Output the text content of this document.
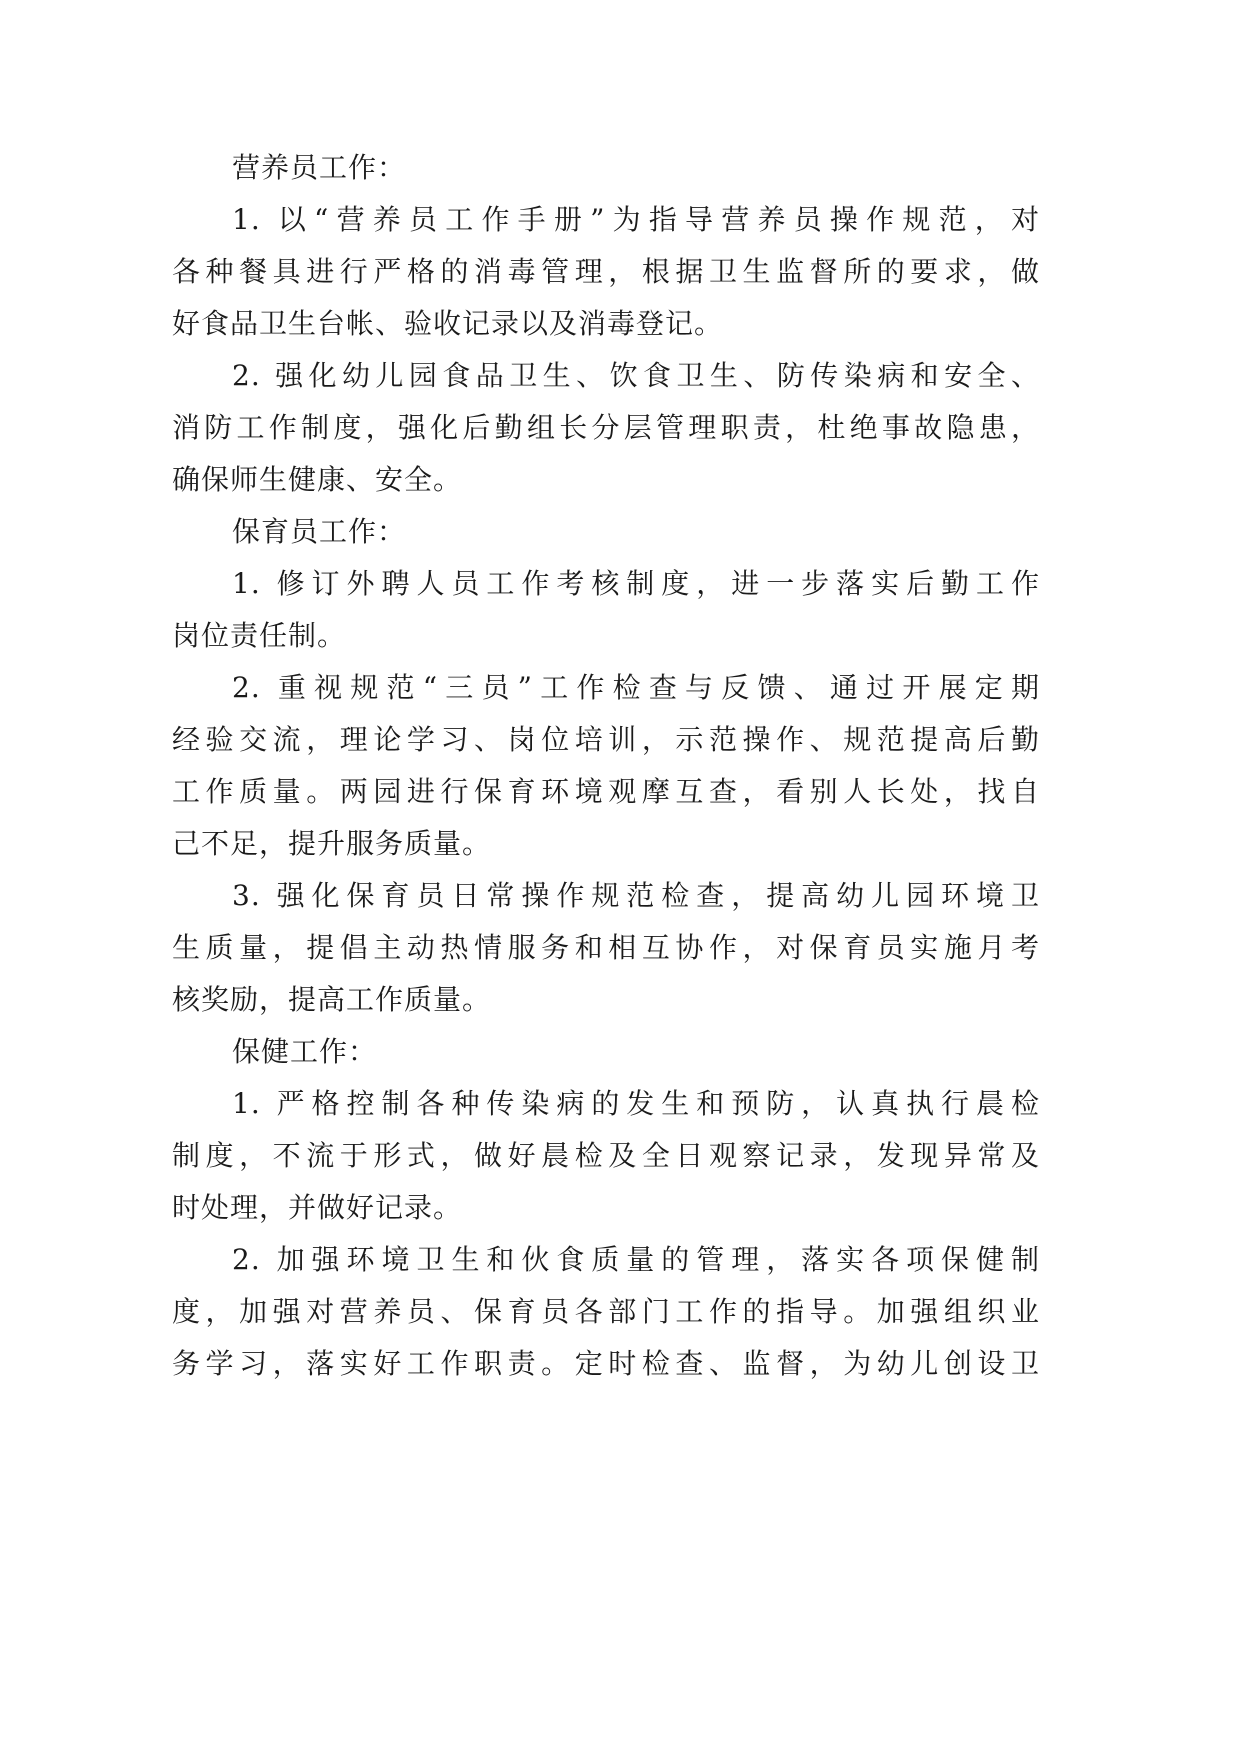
营养员工作：
1. 以“营养员工作手册”为指导营养员操作规范，对
各种餐具进行严格的消毒管理，根据卫生监督所的要求，做
好食品卫生台帐、验收记录以及消毒登记。
2. 强化幼儿园食品卫生、饮食卫生、防传染病和安全、
消防工作制度，强化后勤组长分层管理职责，杜绝事故隐患，
确保师生健康、安全。
保育员工作：
1. 修订外聘人员工作考核制度，进一步落实后勤工作
岗位责任制。
2. 重视规范“三员”工作检查与反馈、通过开展定期
经验交流，理论学习、岗位培训，示范操作、规范提高后勤
工作质量。两园进行保育环境观摩互查，看别人长处，找自
己不足，提升服务质量。
3. 强化保育员日常操作规范检查，提高幼儿园环境卫
生质量，提倡主动热情服务和相互协作，对保育员实施月考
核奖励，提高工作质量。
保健工作：
1. 严格控制各种传染病的发生和预防，认真执行晨检
制度，不流于形式，做好晨检及全日观察记录，发现异常及
时处理，并做好记录。
2. 加强环境卫生和伙食质量的管理，落实各项保健制
度，加强对营养员、保育员各部门工作的指导。加强组织业
务学习，落实好工作职责。定时检查、监督，为幼儿创设卫
